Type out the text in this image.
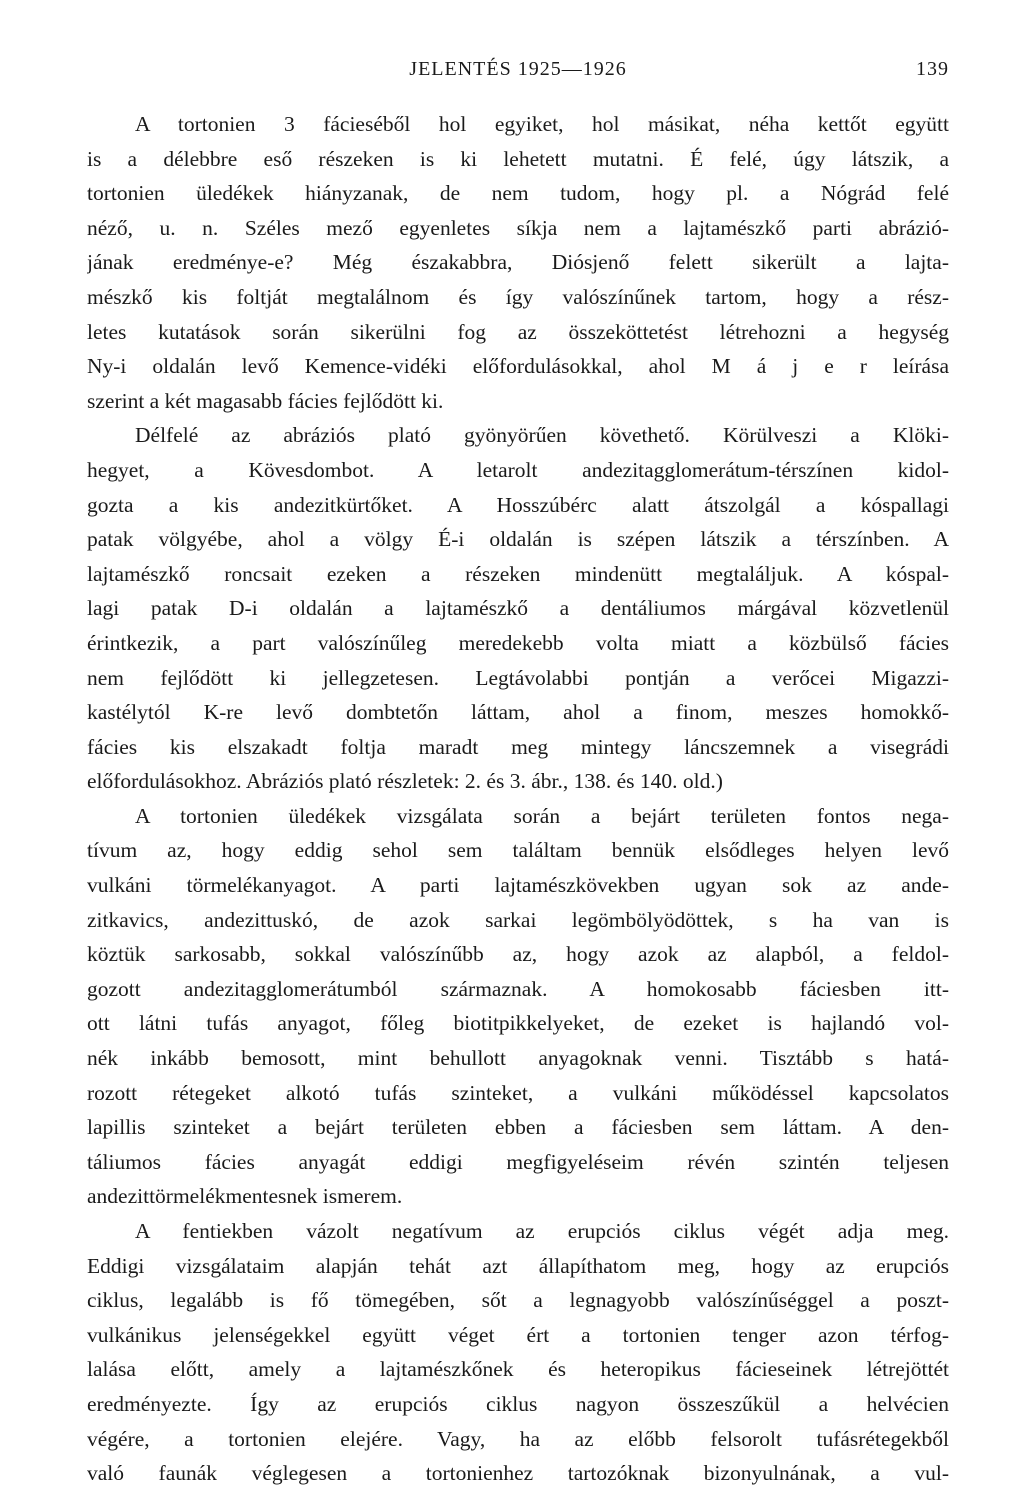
JELENTÉS 1925—1926	139
A tortonien 3 fácieséből hol egyiket, hol másikat, néha kettőt együtt
is a délebbre eső részeken is ki lehetett mutatni. É felé, úgy látszik, a
tortonien üledékek hiányzanak, de nem tudom, hogy pl. a Nógrád felé
néző, u. n. Széles mező egyenletes síkja nem a lajtamészkő parti abrázió-
jának eredménye-e? Még északabbra, Diósjenő felett sikerült a lajta-
mészkő kis foltját megtalálnom és így valószínűnek tartom, hogy a rész-
letes kutatások során sikerülni fog az összeköttetést létrehozni a hegység
Ny-i oldalán levő Kemence-vidéki előfordulásokkal, ahol M á j e r leírása
szerint a két magasabb fácies fejlődött ki.
Délfelé az abráziós plató gyönyörűen követhető. Körülveszi a Klöki-
hegyet, a Kövesdombot. A letarolt andezitagglomerátum-térszínen kidol-
gozta a kis andezitkürtőket. A Hosszúbérc alatt átszolgál a kóspallagi
patak völgyébe, ahol a völgy É-i oldalán is szépen látszik a térszínben. A
lajtamészkő roncsait ezeken a részeken mindenütt megtaláljuk. A kóspal-
lagi patak D-i oldalán a lajtamészkő a dentáliumos márgával közvetlenül
érintkezik, a part valószínűleg meredekebb volta miatt a közbülső fácies
nem fejlődött ki jellegzetesen. Legtávolabbi pontján a verőcei Migazzi-
kastélytól K-re levő dombtetőn láttam, ahol a finom, meszes homokkő-
fácies kis elszakadt foltja maradt meg mintegy láncszemnek a visegrádi
előfordulásokhoz. Abráziós plató részletek: 2. és 3. ábr., 138. és 140. old.)
A tortonien üledékek vizsgálata során a bejárt területen fontos nega-
tívum az, hogy eddig sehol sem találtam bennük elsődleges helyen levő
vulkáni törmelékanyagot. A parti lajtamészkövekben ugyan sok az ande-
zitkavics, andezittuskó, de azok sarkai legömbölyödöttek, s ha van is
köztük sarkosabb, sokkal valószínűbb az, hogy azok az alapból, a feldol-
gozott andezitagglomerátumból származnak. A homokosabb fáciesben itt-
ott látni tufás anyagot, főleg biotitpikkelyeket, de ezeket is hajlandó vol-
nék inkább bemosott, mint behullott anyagoknak venni. Tisztább s hatá-
rozott rétegeket alkotó tufás szinteket, a vulkáni működéssel kapcsolatos
lapillis szinteket a bejárt területen ebben a fáciesben sem láttam. A den-
táliumos fácies anyagát eddigi megfigyeléseim révén szintén teljesen
andezittörmelékmentesnek ismerem.
A fentiekben vázolt negatívum az erupciós ciklus végét adja meg.
Eddigi vizsgálataim alapján tehát azt állapíthatom meg, hogy az erupciós
ciklus, legalább is fő tömegében, sőt a legnagyobb valószínűséggel a poszt-
vulkánikus jelenségekkel együtt véget ért a tortonien tenger azon térfog-
lalása előtt, amely a lajtamészkőnek és heteropikus fácieseinek létrejöttét
eredményezte. Így az erupciós ciklus nagyon összeszűkül a helvécien
végére, a tortonien elejére. Vagy, ha az előbb felsorolt tufásrétegekből
való faunák véglegesen a tortonienhez tartozóknak bizonyulnának, a vul-
